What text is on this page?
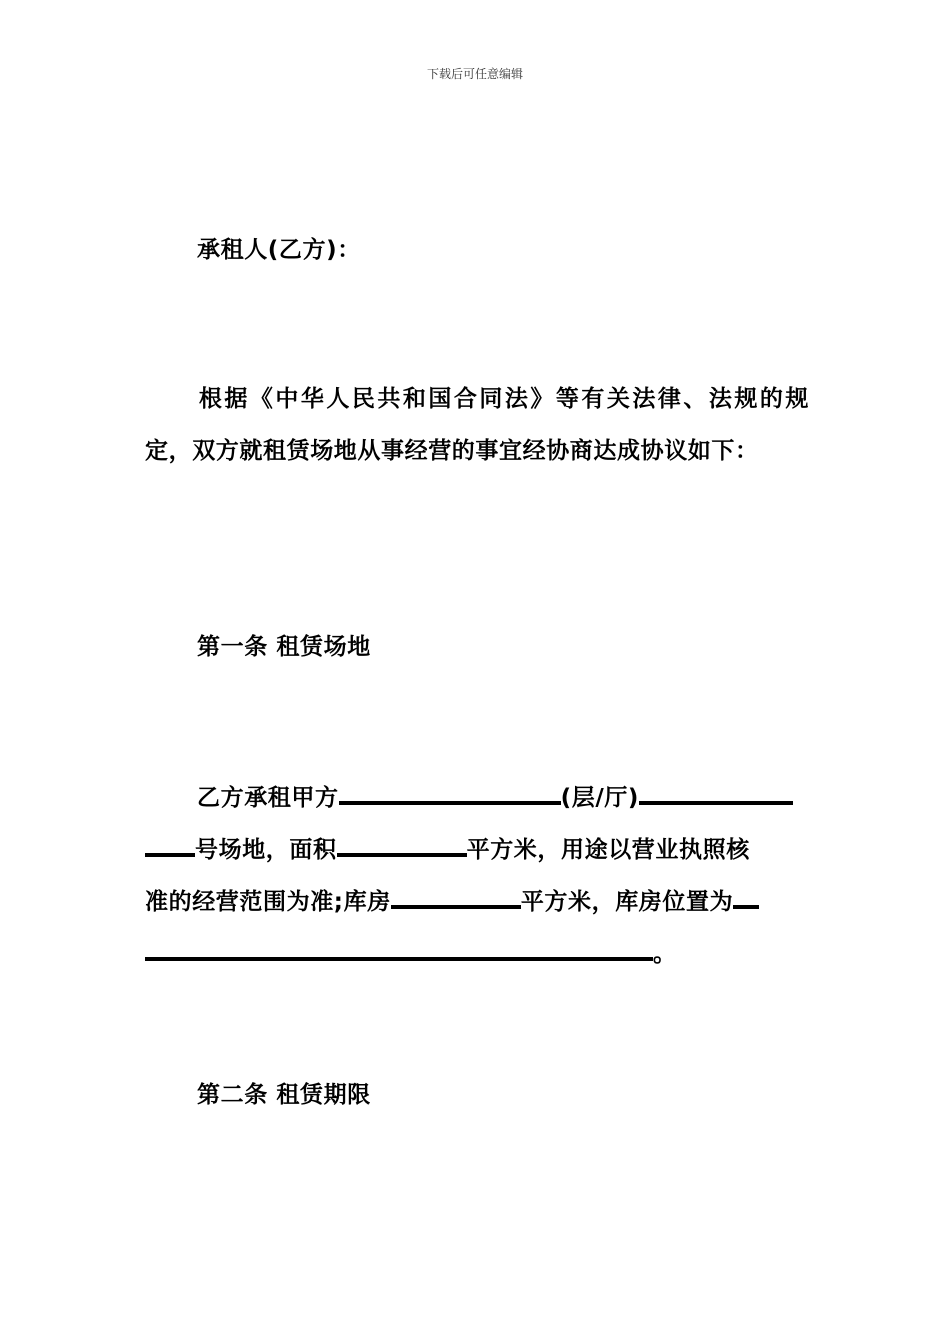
下载后可任意编辑
承租人(乙方)：
根据《中华人民共和国合同法》等有关法律、法规的规定，双方就租赁场地从事经营的事宜经协商达成协议如下：
第一条 租赁场地
乙方承租甲方	(层/厅)
号场地，面积	平方米，用途以营业执照核
准的经营范围为准;库房	平方米，库房位置为
。
第二条 租赁期限
